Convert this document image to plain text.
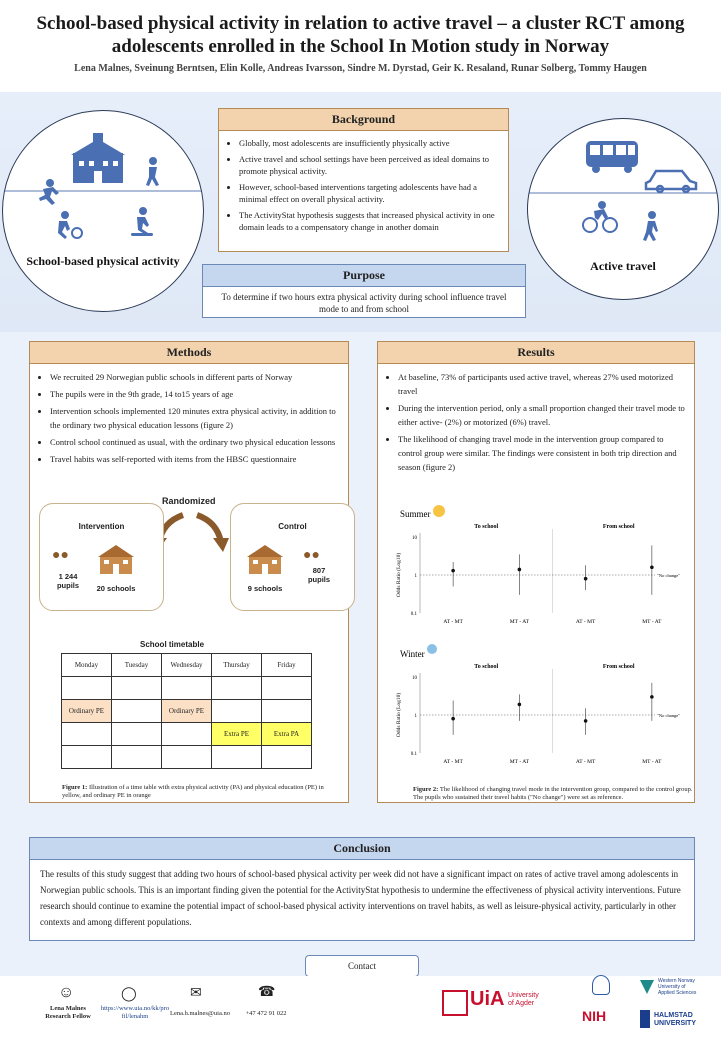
School-based physical activity in relation to active travel – a cluster RCT among adolescents enrolled in the School In Motion study in Norway
Lena Malnes, Sveinung Berntsen, Elin Kolle, Andreas Ivarsson, Sindre M. Dyrstad, Geir K. Resaland, Runar Solberg, Tommy Haugen
School-based physical activity	Active travel
Background
• Globally, most adolescents are insufficiently physically active
• Active travel and school settings have been perceived as ideal domains to promote physical activity.
• However, school-based interventions targeting adolescents have had a minimal effect on overall physical activity.
• The ActivityStat hypothesis suggests that increased physical activity in one domain leads to a compensatory change in another domain
Purpose
To determine if two hours extra physical activity during school influence travel mode to and from school
Methods
• We recruited 29 Norwegian public schools in different parts of Norway
• The pupils were in the 9th grade, 14 to15 years of age
• Intervention schools implemented 120 minutes extra physical activity, in addition to the ordinary two physical education lessons (figure 2)
• Control school continued as usual, with the ordinary two physical education lessons
• Travel habits was self-reported with items from the HBSC questionnaire
Randomized
Intervention
●●
1 244
pupils	20 schools
Control
9 schools
●●
807
pupils
School timetable
Monday	Tuesday	Wednesday	Thursday	Friday

Ordinary PE		Ordinary PE		
			Extra PE	Extra PA

Figure 1: Illustration of a time table with extra physical activity (PA) and physical education (PE) in yellow, and ordinary PE in orange
Results
• At baseline, 73% of participants used active travel, whereas 27% used motorized travel
• During the intervention period, only a small proportion changed their travel mode to either active- (2%) or motorized (6%) travel.
• The likelihood of changing travel mode in the intervention group compared to control group were similar. The findings were consistent in both trip direction and season (figure 2)
Summer
To school	From school
10
1
0.1
Odds Ratio (Log10)	"No change"
AT - MT	MT - AT	AT - MT	MT - AT
Winter
To school	From school
10
1
0.1
Odds Ratio (Log10)	"No change"
AT - MT	MT - AT	AT - MT	MT - AT
Figure 2: The likelihood of changing travel mode in the intervention group, compared to the control group. The pupils who sustained their travel habits ("No change") were set as reference.
Conclusion
The results of this study suggest that adding two hours of school-based physical activity per week did not have a significant impact on rates of active travel among adolescents in Norwegian public schools. This is an important finding given the potential for the ActivityStat hypothesis to undermine the effectiveness of physical activity interventions. Future research should continue to examine the potential impact of school-based physical activity interventions on travel habits, as well as leisure-physical activity, particularly in other contexts and among different populations.
Contact
☺
Lena Malnes
Research Fellow
◯
https://www.uia.no/kk/profil/lenahm
✉
Lena.h.malnes@uia.no
☎
+47 472 91 022
UiA University
of Agder
NIH
Western Norway
University of
Applied Sciences
HALMSTAD
UNIVERSITY
